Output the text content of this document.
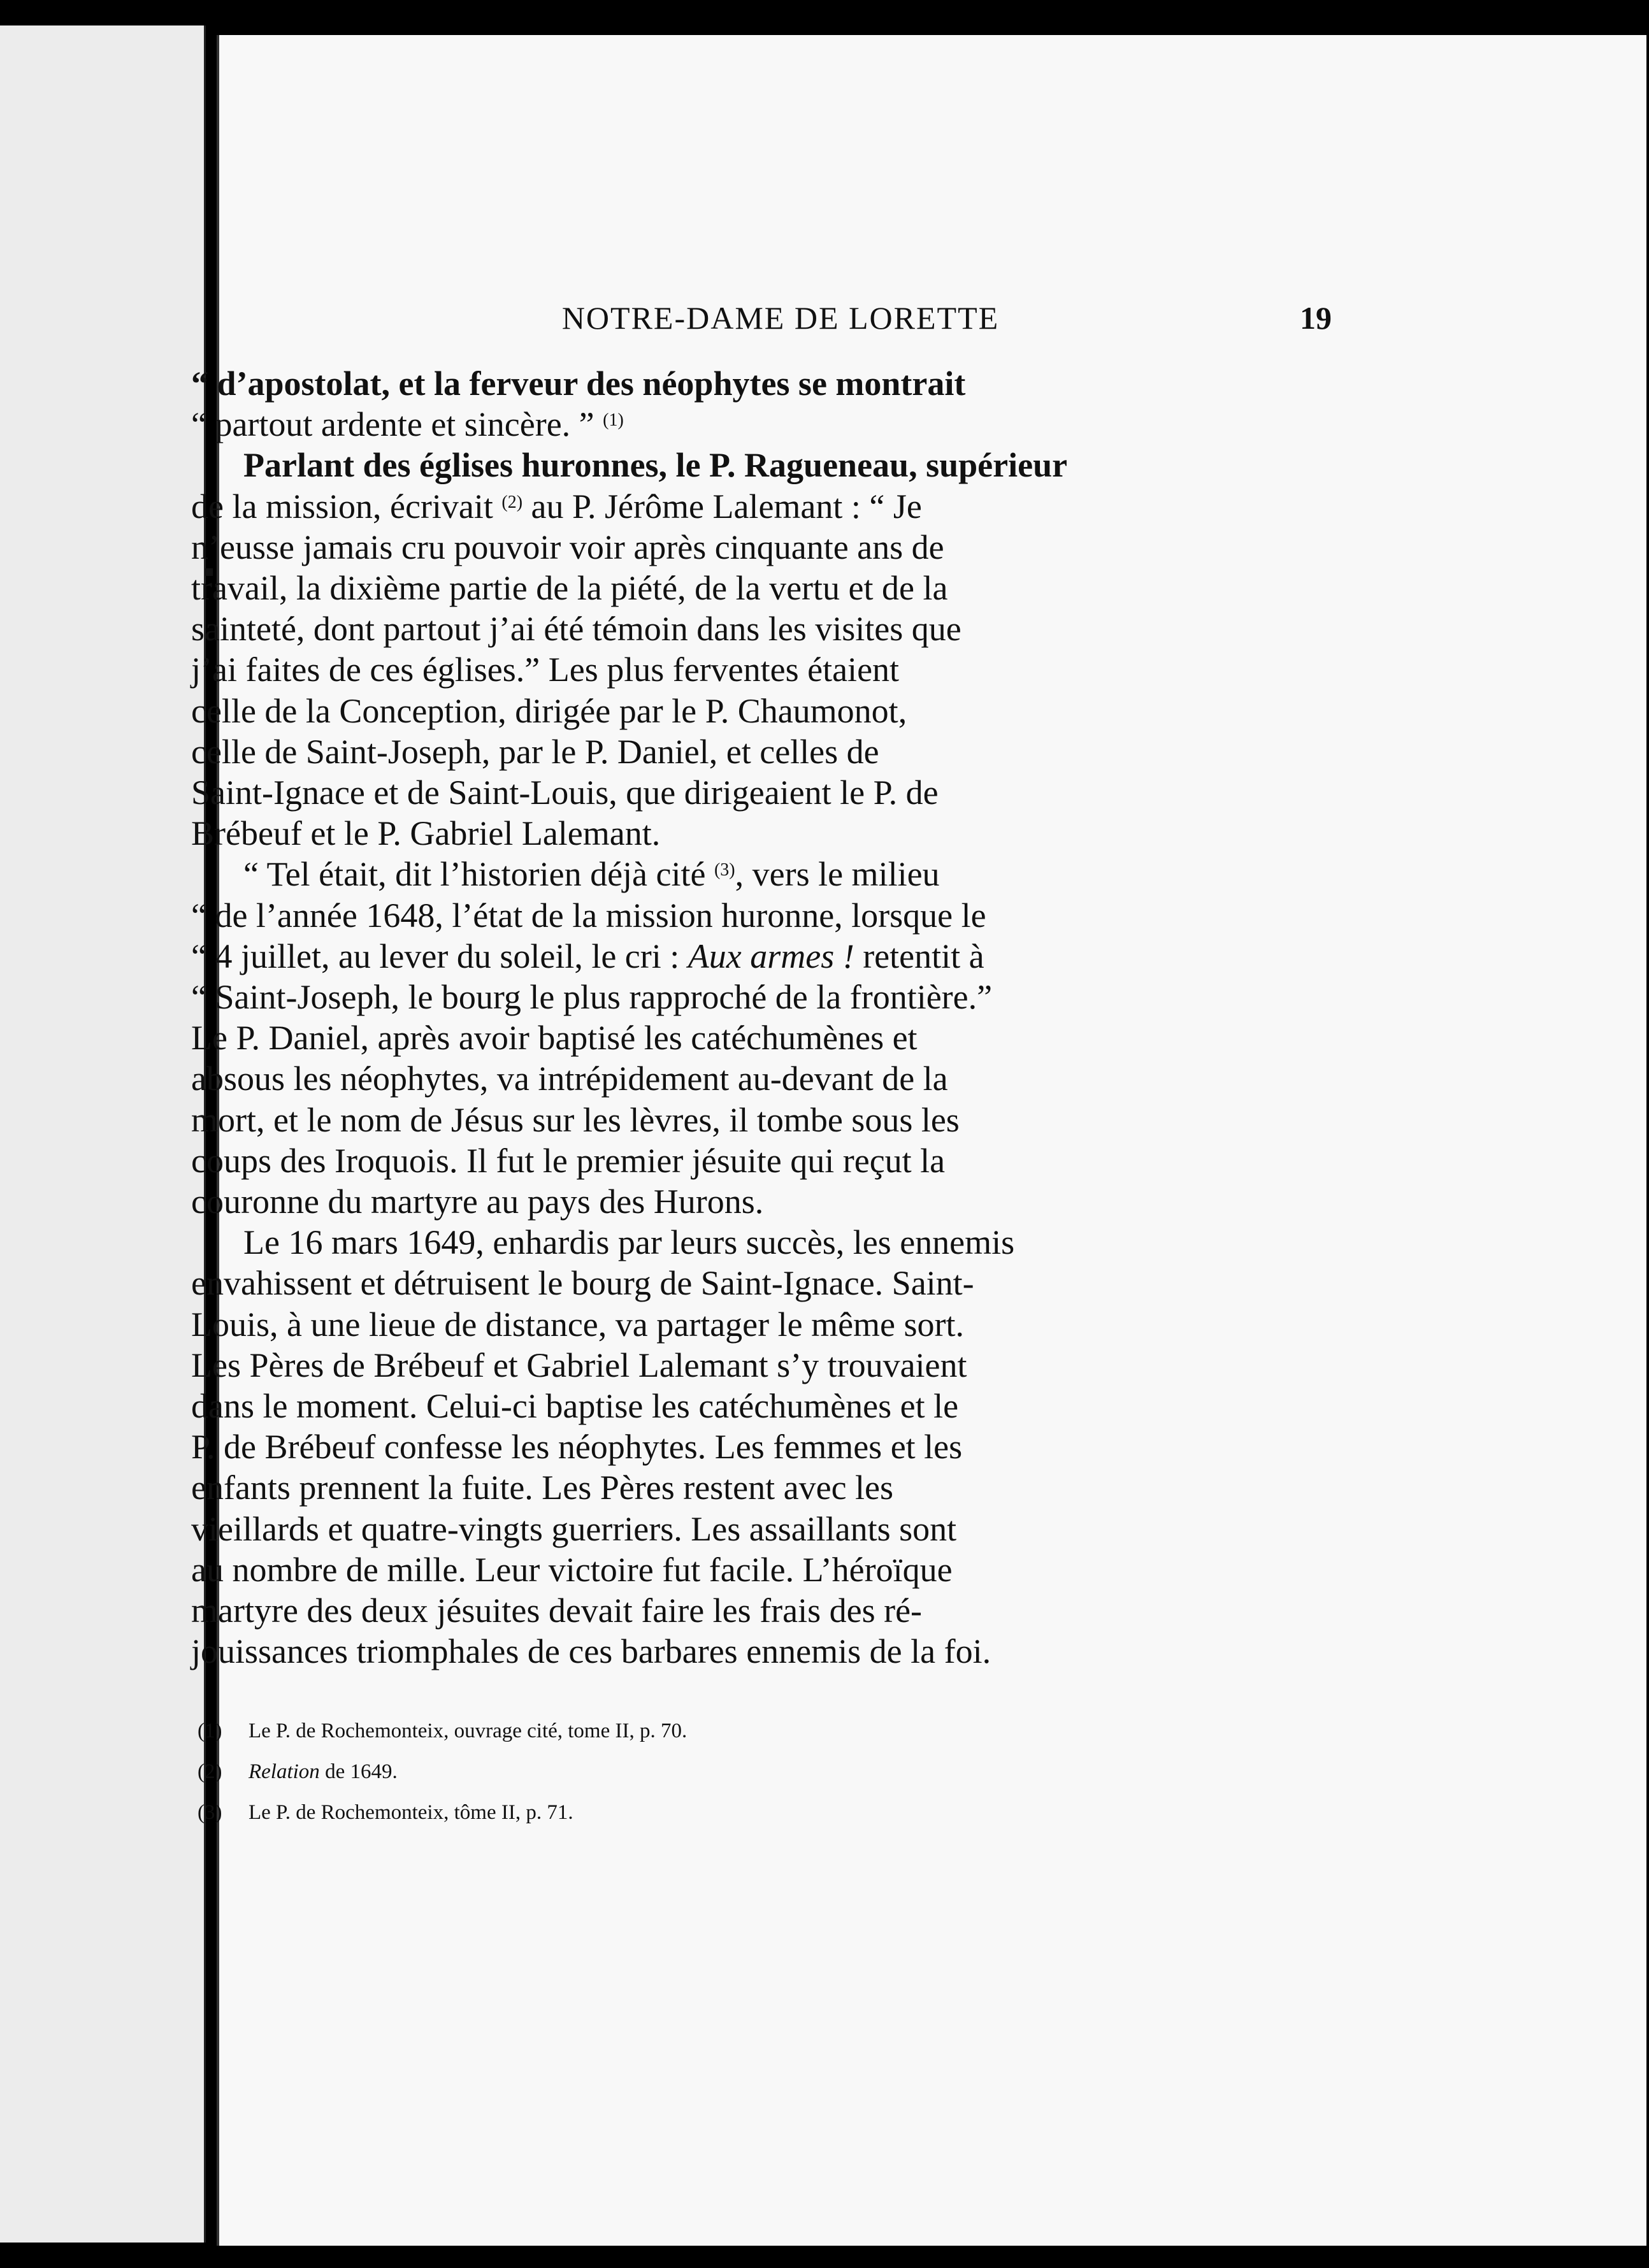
NOTRE-DAME DE LORETTE	19
“ d’apostolat, et la ferveur des néophytes se montrait
“ partout ardente et sincère. ” $^{(1)}$
Parlant des églises huronnes, le P. Ragueneau, supérieur
de la mission, écrivait $^{(2)}$ au P. Jérôme Lalemant : “ Je
n’eusse jamais cru pouvoir voir après cinquante ans de
travail, la dixième partie de la piété, de la vertu et de la
sainteté, dont partout j’ai été témoin dans les visites que
j’ai faites de ces églises.” Les plus ferventes étaient
celle de la Conception, dirigée par le P. Chaumonot,
celle de Saint-Joseph, par le P. Daniel, et celles de
Saint-Ignace et de Saint-Louis, que dirigeaient le P. de
Brébeuf et le P. Gabriel Lalemant.
“ Tel était, dit l’historien déjà cité $^{(3)}$, vers le milieu
“ de l’année 1648, l’état de la mission huronne, lorsque le
“ 4 juillet, au lever du soleil, le cri : Aux armes ! retentit à
“ Saint-Joseph, le bourg le plus rapproché de la frontière.”
Le P. Daniel, après avoir baptisé les catéchumènes et
absous les néophytes, va intrépidement au-devant de la
mort, et le nom de Jésus sur les lèvres, il tombe sous les
coups des Iroquois. Il fut le premier jésuite qui reçut la
couronne du martyre au pays des Hurons.
Le 16 mars 1649, enhardis par leurs succès, les ennemis
envahissent et détruisent le bourg de Saint-Ignace. Saint-
Louis, à une lieue de distance, va partager le même sort.
Les Pères de Brébeuf et Gabriel Lalemant s’y trouvaient
dans le moment. Celui-ci baptise les catéchumènes et le
P. de Brébeuf confesse les néophytes. Les femmes et les
enfants prennent la fuite. Les Pères restent avec les
vieillards et quatre-vingts guerriers. Les assaillants sont
au nombre de mille. Leur victoire fut facile. L’héroïque
martyre des deux jésuites devait faire les frais des ré-
jouissances triomphales de ces barbares ennemis de la foi.
(1) Le P. de Rochemonteix, ouvrage cité, tome II, p. 70.
(2) Relation de 1649.
(3) Le P. de Rochemonteix, tôme II, p. 71.
